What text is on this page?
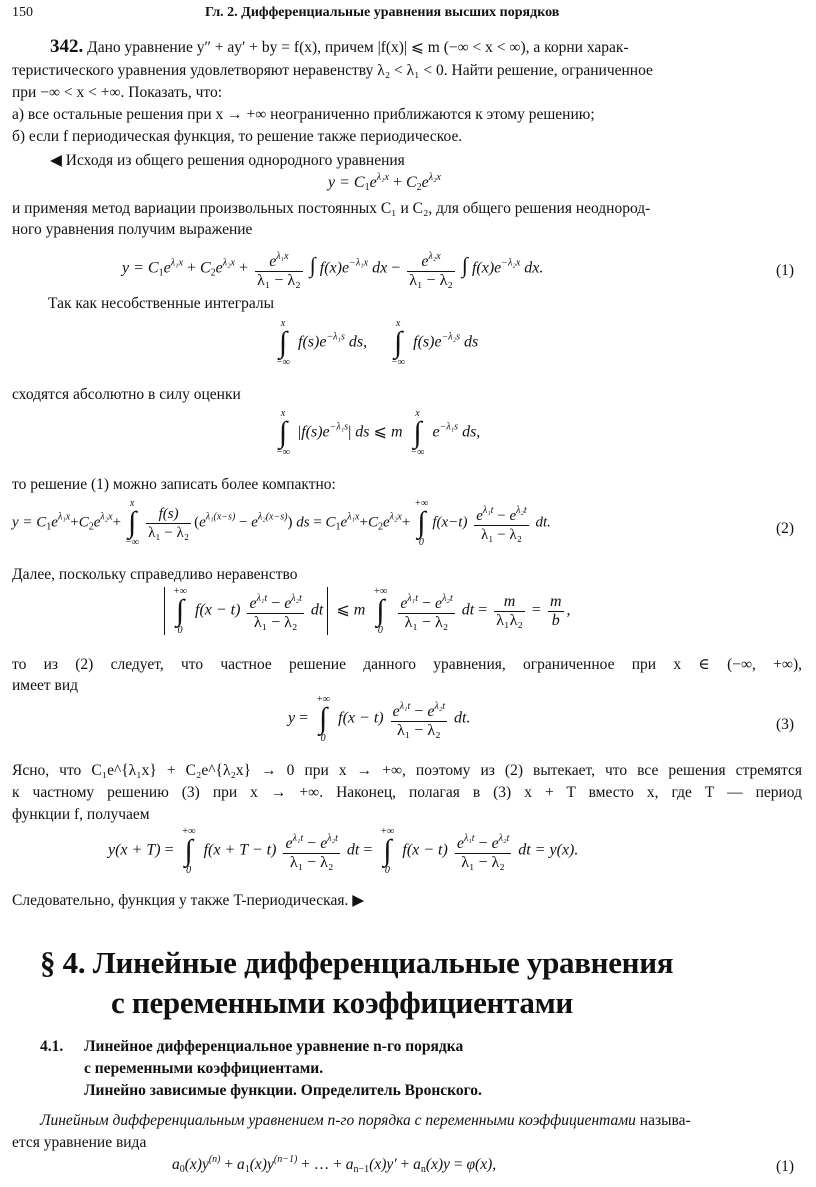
150	Гл. 2. Дифференциальные уравнения высших порядков
342. Дано уравнение y″ + ay′ + by = f(x), причем |f(x)| ⩽ m (−∞ < x < ∞), а корни харак-
теристического уравнения удовлетворяют неравенству λ₂ < λ₁ < 0. Найти решение, ограниченное
при −∞ < x < +∞. Показать, что:
а) все остальные решения при x → +∞ неограниченно приближаются к этому решению;
б) если f периодическая функция, то решение также периодическое.
◀ Исходя из общего решения однородного уравнения
$y = C_1e^{\lambda_1x} + C_2e^{\lambda_2x}$
и применяя метод вариации произвольных постоянных C₁ и C₂, для общего решения неоднород-
ного уравнения получим выражение
$y = C_1e^{\lambda_1x} + C_2e^{\lambda_2x} + \frac{e^{\lambda_1x}}{\text{λ₁ − λ₂}}$ ∫ $f(x)e^{-\lambda_1x}$ dx − $\frac{e^{\lambda_2x}}{\text{λ₁ − λ₂}}$ ∫ $f(x)e^{-\lambda_2x}$ dx.	(1)
Так как несобственные интегралы
x
∫
−∞
$f(s)e^{-\lambda_1s}$ ds,
x
∫
−∞
$f(s)e^{-\lambda_2s}$ ds
сходятся абсолютно в силу оценки
x
∫
−∞
$|f(s)e^{-\lambda_1s}|$ ds ⩽ m
x
∫
−∞
$e^{-\lambda_1s}$ ds,
то решение (1) можно записать более компактно:
$y = C_1e^{\lambda_1x}+C_2e^{\lambda_2x}+$
x
∫
−∞
$\frac{f(s)}{\text{λ₁ − λ₂}} (e^{\lambda_1(x-s)} - e^{\lambda_2(x-s)})$ ds = $C_1e^{\lambda_1x}+C_2e^{\lambda_2x}+$
+∞
∫
0
$f(x-t) \frac{e^{\lambda_1t} - e^{\lambda_2t}}{\text{λ₁ − λ₂}}$ dt.	(2)
Далее, поскольку справедливо неравенство
+∞
∫
0
$f(x - t) \frac{e^{\lambda_1t} - e^{\lambda_2t}}{\text{λ₁ − λ₂}}$ dt ⩽ m
+∞
∫
0
$\frac{e^{\lambda_1t} - e^{\lambda_2t}}{\text{λ₁ − λ₂}}$ dt = $\frac{m}{\text{λ₁λ₂}} = \frac{m}{b}$ ,
то из (2) следует, что частное решение данного уравнения, ограниченное при x ∈ (−∞, +∞),
имеет вид
y =
+∞
∫
0
$f(x - t) \frac{e^{\lambda_1t} - e^{\lambda_2t}}{\text{λ₁ − λ₂}}$ dt.	(3)
Ясно, что C₁e^{λ₁x} + C₂e^{λ₂x} → 0 при x → +∞, поэтому из (2) вытекает, что все решения стремятся
к частному решению (3) при x → +∞. Наконец, полагая в (3) x + T вместо x, где T — период
функции f, получаем
y(x + T) =
+∞
∫
0
$f(x + T - t) \frac{e^{\lambda_1t} - e^{\lambda_2t}}{\text{λ₁ − λ₂}}$ dt =
+∞
∫
0
$f(x - t) \frac{e^{\lambda_1t} - e^{\lambda_2t}}{\text{λ₁ − λ₂}}$ dt = y(x).
Следовательно, функция y также T-периодическая. ▶
§ 4. Линейные дифференциальные уравнения
с переменными коэффициентами
4.1. Линейное дифференциальное уравнение n-го порядка
с переменными коэффициентами.
Линейно зависимые функции. Определитель Вронского.
Линейным дифференциальным уравнением n-го порядка с переменными коэффициентами называ-
ется уравнение вида
$a_0(x)y^{(n)} + a_1(x)y^{(n-1)}$ + … + $a_{n-1}(x)y' + a_n(x)y = \varphi(x)$,	(1)
